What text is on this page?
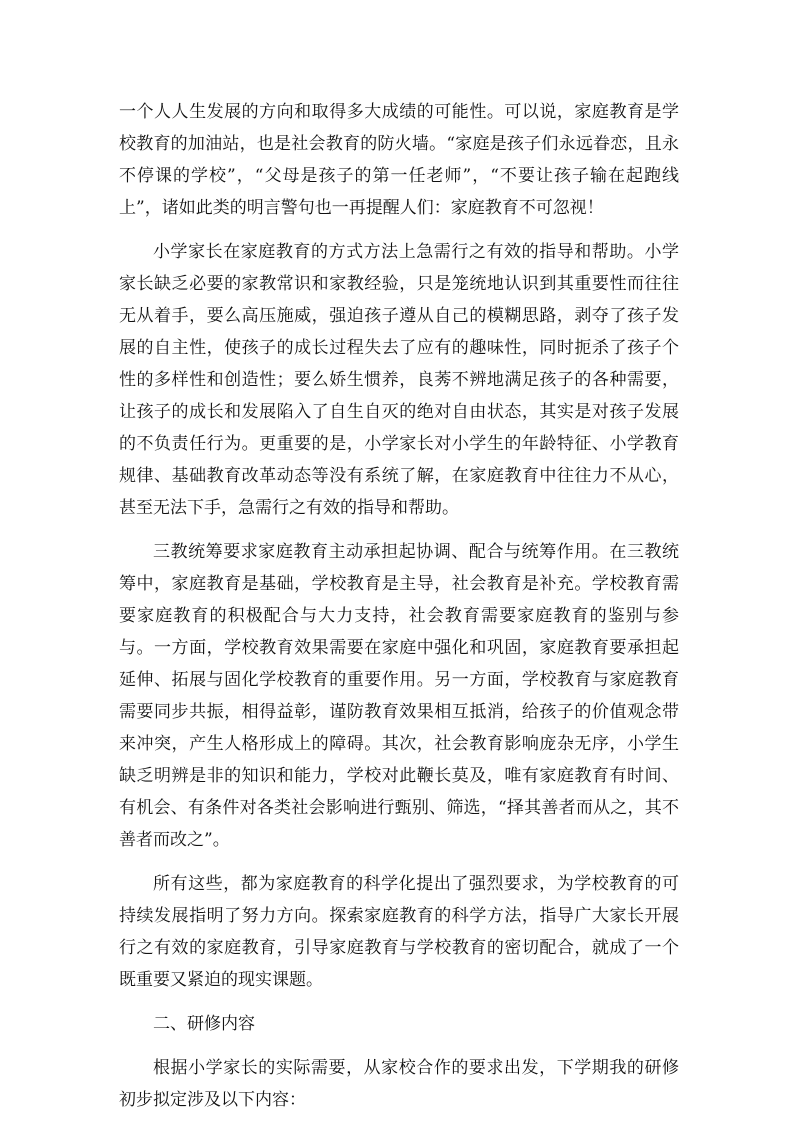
一个人人生发展的方向和取得多大成绩的可能性。可以说，家庭教育是学校教育的加油站，也是社会教育的防火墙。“家庭是孩子们永远眷恋，且永不停课的学校”，“父母是孩子的第一任老师”，“不要让孩子输在起跑线上”，诸如此类的明言警句也一再提醒人们：家庭教育不可忽视！

小学家长在家庭教育的方式方法上急需行之有效的指导和帮助。小学家长缺乏必要的家教常识和家教经验，只是笼统地认识到其重要性而往往无从着手，要么高压施威，强迫孩子遵从自己的模糊思路，剥夺了孩子发展的自主性，使孩子的成长过程失去了应有的趣味性，同时扼杀了孩子个性的多样性和创造性；要么娇生惯养，良莠不辨地满足孩子的各种需要，让孩子的成长和发展陷入了自生自灭的绝对自由状态，其实是对孩子发展的不负责任行为。更重要的是，小学家长对小学生的年龄特征、小学教育规律、基础教育改革动态等没有系统了解，在家庭教育中往往力不从心，甚至无法下手，急需行之有效的指导和帮助。

三教统筹要求家庭教育主动承担起协调、配合与统筹作用。在三教统筹中，家庭教育是基础，学校教育是主导，社会教育是补充。学校教育需要家庭教育的积极配合与大力支持，社会教育需要家庭教育的鉴别与参与。一方面，学校教育效果需要在家庭中强化和巩固，家庭教育要承担起延伸、拓展与固化学校教育的重要作用。另一方面，学校教育与家庭教育需要同步共振，相得益彰，谨防教育效果相互抵消，给孩子的价值观念带来冲突，产生人格形成上的障碍。其次，社会教育影响庞杂无序，小学生缺乏明辨是非的知识和能力，学校对此鞭长莫及，唯有家庭教育有时间、有机会、有条件对各类社会影响进行甄别、筛选，“择其善者而从之，其不善者而改之”。

所有这些，都为家庭教育的科学化提出了强烈要求，为学校教育的可持续发展指明了努力方向。探索家庭教育的科学方法，指导广大家长开展行之有效的家庭教育，引导家庭教育与学校教育的密切配合，就成了一个既重要又紧迫的现实课题。

二、研修内容

根据小学家长的实际需要，从家校合作的要求出发，下学期我的研修初步拟定涉及以下内容：
